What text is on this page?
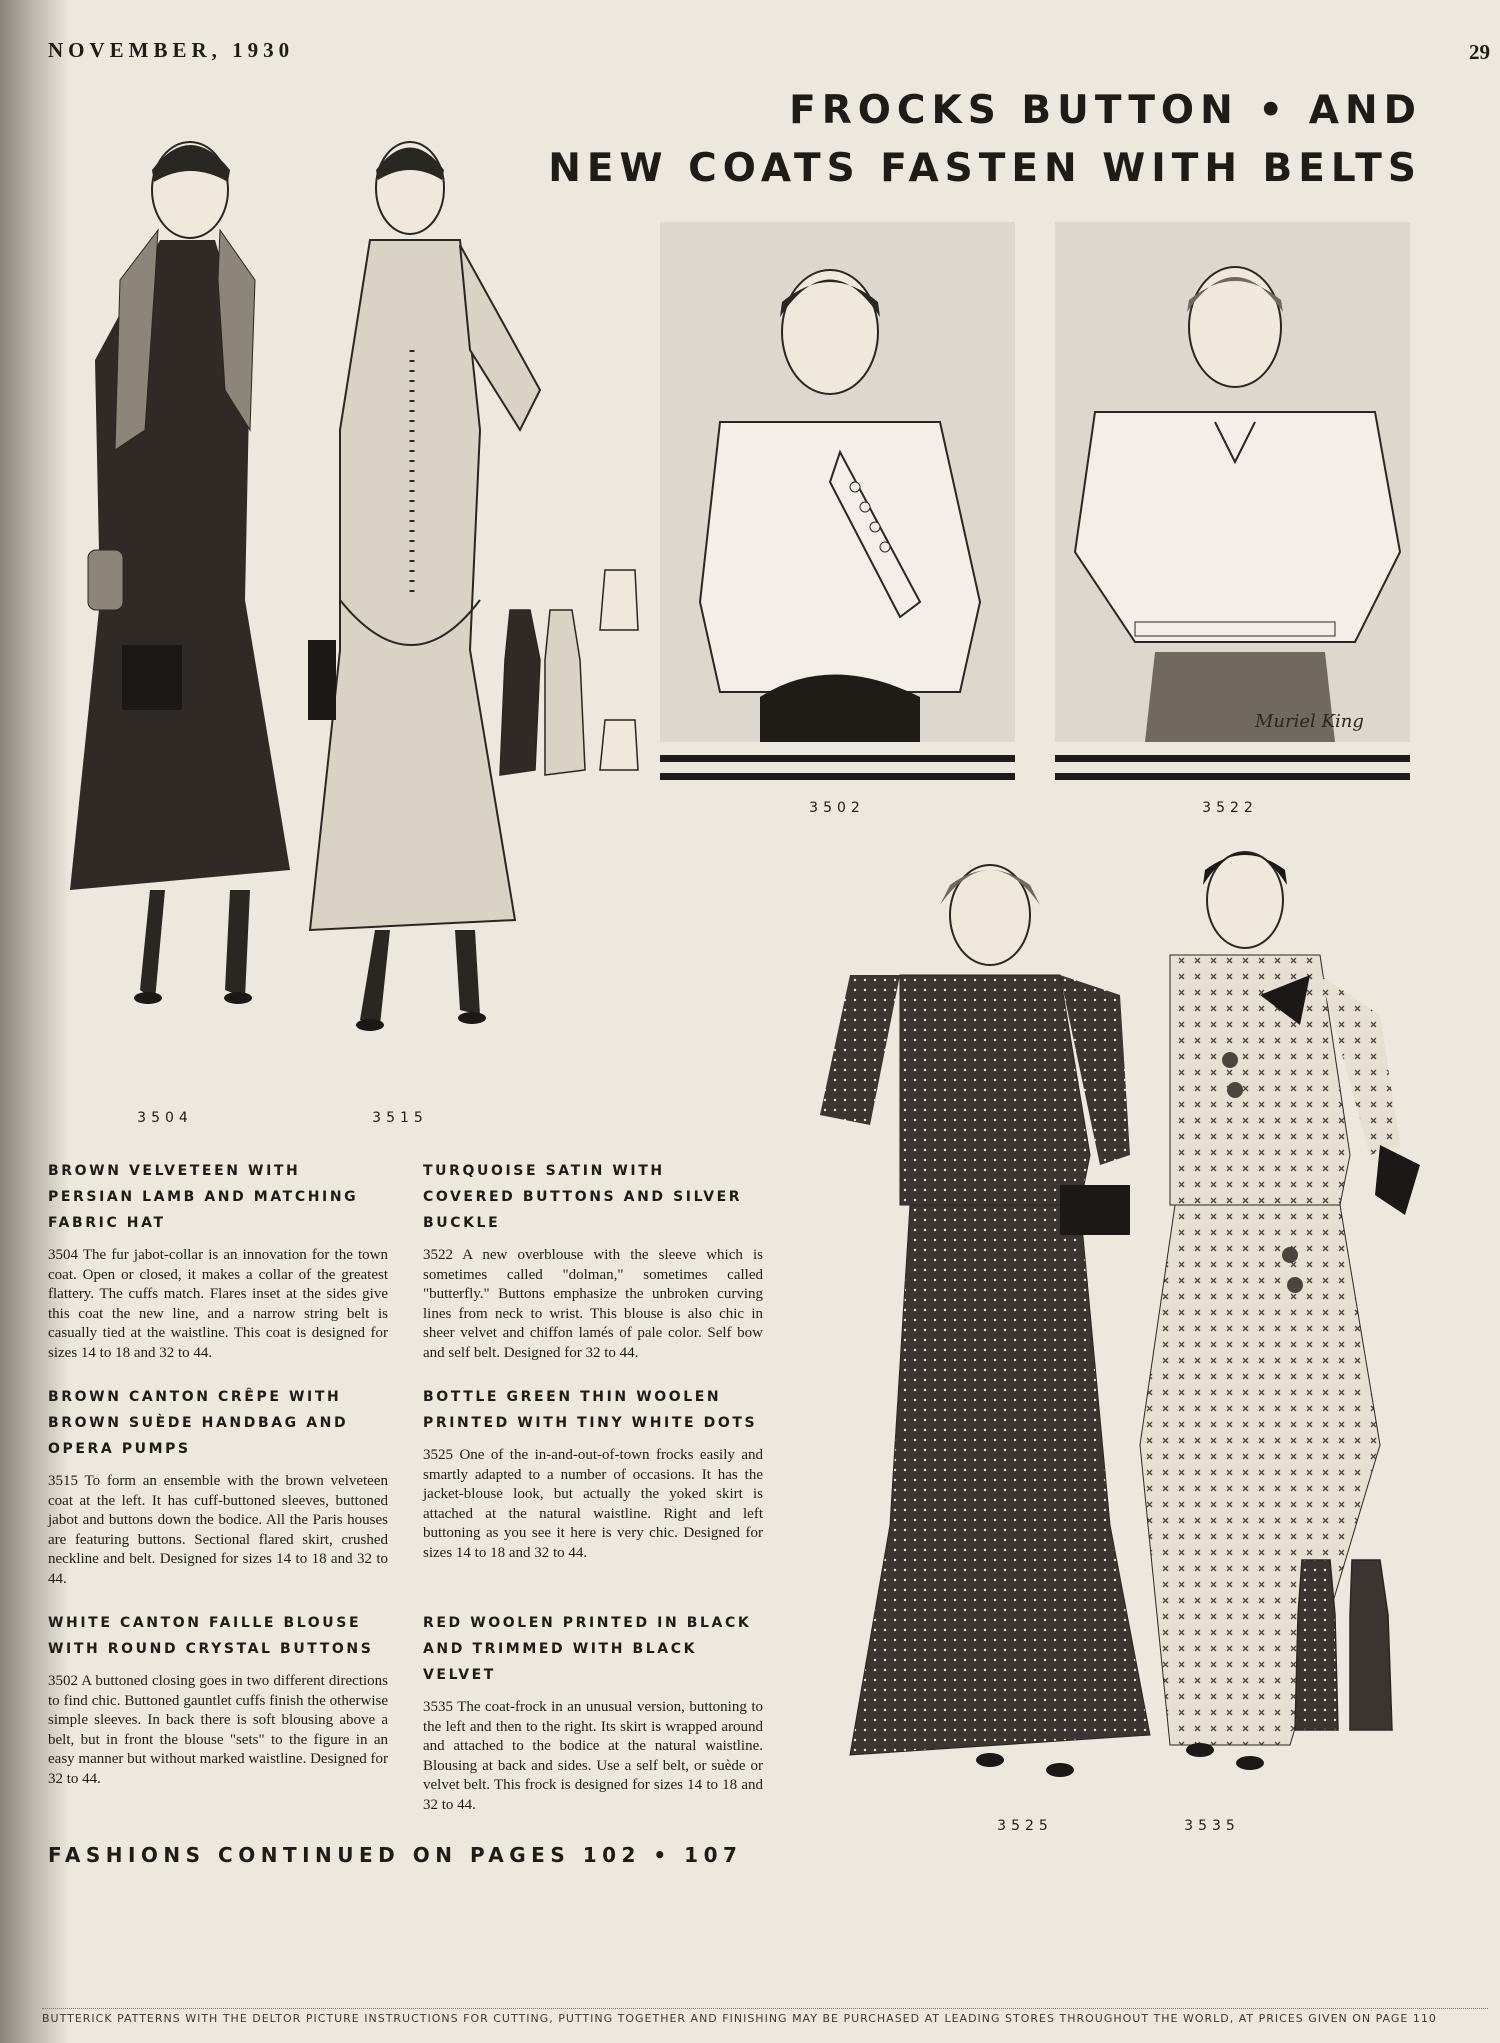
NOVEMBER, 1930	29
FROCKS BUTTON • AND
NEW COATS FASTEN WITH BELTS
3504	3515
Muriel King
3502	3522
3525	3535
BROWN VELVETEEN WITH PERSIAN LAMB AND MATCHING FABRIC HAT

3504 The fur jabot-collar is an innovation for the town coat. Open or closed, it makes a collar of the greatest flattery. The cuffs match. Flares inset at the sides give this coat the new line, and a narrow string belt is casually tied at the waistline. This coat is designed for sizes 14 to 18 and 32 to 44.

BROWN CANTON CRÊPE WITH BROWN SUÈDE HANDBAG AND OPERA PUMPS

3515 To form an ensemble with the brown velveteen coat at the left. It has cuff-buttoned sleeves, buttoned jabot and buttons down the bodice. All the Paris houses are featuring buttons. Sectional flared skirt, crushed neckline and belt. Designed for sizes 14 to 18 and 32 to 44.

WHITE CANTON FAILLE BLOUSE WITH ROUND CRYSTAL BUTTONS

3502 A buttoned closing goes in two different directions to find chic. Buttoned gauntlet cuffs finish the otherwise simple sleeves. In back there is soft blousing above a belt, but in front the blouse "sets" to the figure in an easy manner but without marked waistline. Designed for 32 to 44.

TURQUOISE SATIN WITH COVERED BUTTONS AND SILVER BUCKLE

3522 A new overblouse with the sleeve which is sometimes called "dolman," sometimes called "butterfly." Buttons emphasize the unbroken curving lines from neck to wrist. This blouse is also chic in sheer velvet and chiffon lamés of pale color. Self bow and self belt. Designed for 32 to 44.

BOTTLE GREEN THIN WOOLEN PRINTED WITH TINY WHITE DOTS

3525 One of the in-and-out-of-town frocks easily and smartly adapted to a number of occasions. It has the jacket-blouse look, but actually the yoked skirt is attached at the natural waistline. Right and left buttoning as you see it here is very chic. Designed for sizes 14 to 18 and 32 to 44.

RED WOOLEN PRINTED IN BLACK AND TRIMMED WITH BLACK VELVET

3535 The coat-frock in an unusual version, buttoning to the left and then to the right. Its skirt is wrapped around and attached to the bodice at the natural waistline. Blousing at back and sides. Use a self belt, or suède or velvet belt. This frock is designed for sizes 14 to 18 and 32 to 44.

FASHIONS CONTINUED ON PAGES 102 • 107
BUTTERICK PATTERNS WITH THE DELTOR PICTURE INSTRUCTIONS FOR CUTTING, PUTTING TOGETHER AND FINISHING MAY BE PURCHASED AT LEADING STORES THROUGHOUT THE WORLD, AT PRICES GIVEN ON PAGE 110
